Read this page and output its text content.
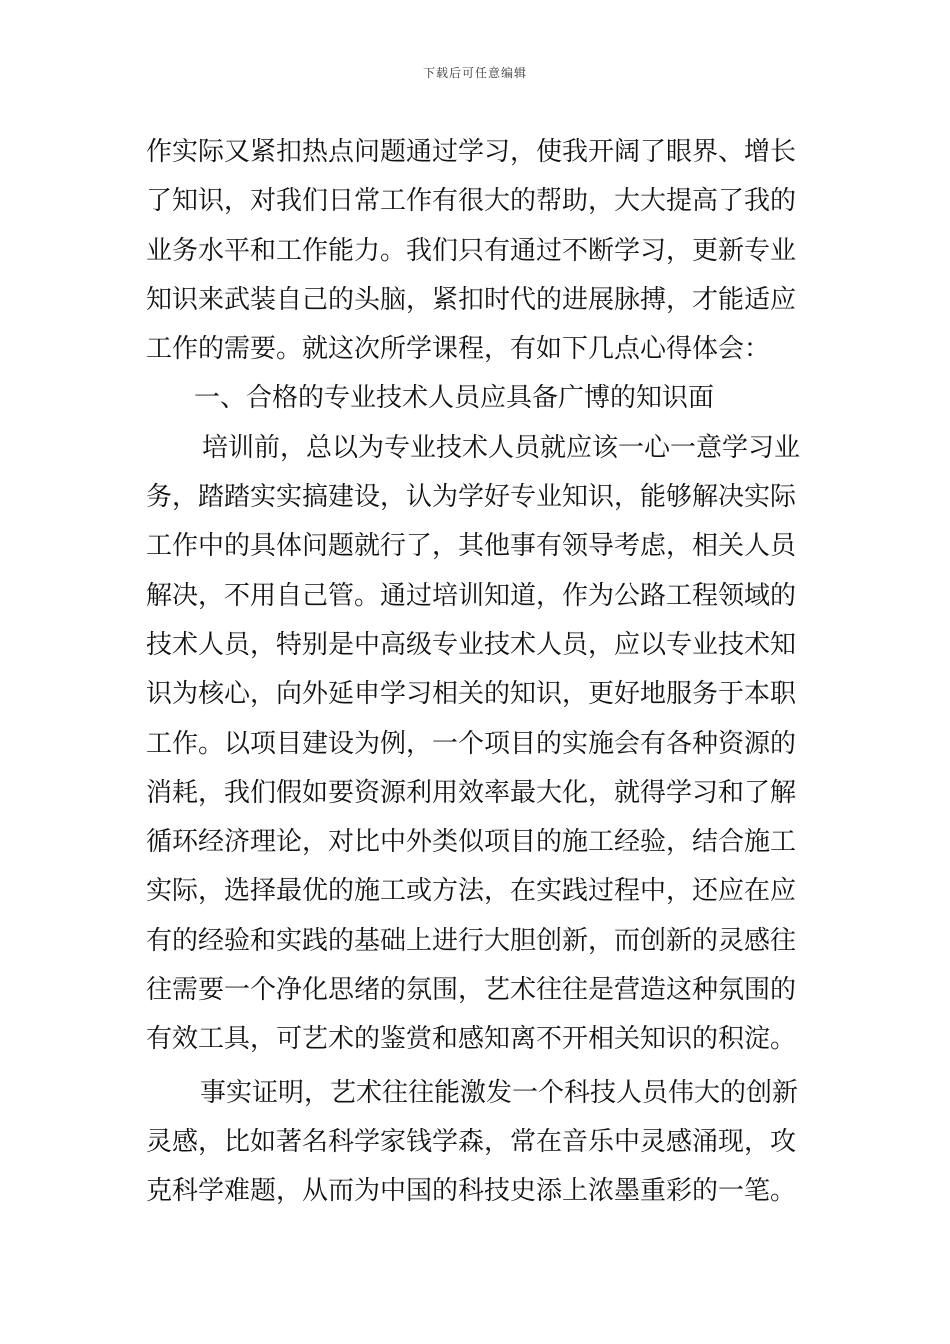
下载后可任意编辑
作实际又紧扣热点问题通过学习，使我开阔了眼界、增长
了知识，对我们日常工作有很大的帮助，大大提高了我的
业务水平和工作能力。我们只有通过不断学习，更新专业
知识来武装自己的头脑，紧扣时代的进展脉搏，才能适应
工作的需要。就这次所学课程，有如下几点心得体会：
一、合格的专业技术人员应具备广博的知识面
培训前，总以为专业技术人员就应该一心一意学习业
务，踏踏实实搞建设，认为学好专业知识，能够解决实际
工作中的具体问题就行了，其他事有领导考虑，相关人员
解决，不用自己管。通过培训知道，作为公路工程领域的
技术人员，特别是中高级专业技术人员，应以专业技术知
识为核心，向外延申学习相关的知识，更好地服务于本职
工作。以项目建设为例，一个项目的实施会有各种资源的
消耗，我们假如要资源利用效率最大化，就得学习和了解
循环经济理论，对比中外类似项目的施工经验，结合施工
实际，选择最优的施工或方法，在实践过程中，还应在应
有的经验和实践的基础上进行大胆创新，而创新的灵感往
往需要一个净化思绪的氛围，艺术往往是营造这种氛围的
有效工具，可艺术的鉴赏和感知离不开相关知识的积淀。
事实证明，艺术往往能激发一个科技人员伟大的创新
灵感，比如著名科学家钱学森，常在音乐中灵感涌现，攻
克科学难题，从而为中国的科技史添上浓墨重彩的一笔。
